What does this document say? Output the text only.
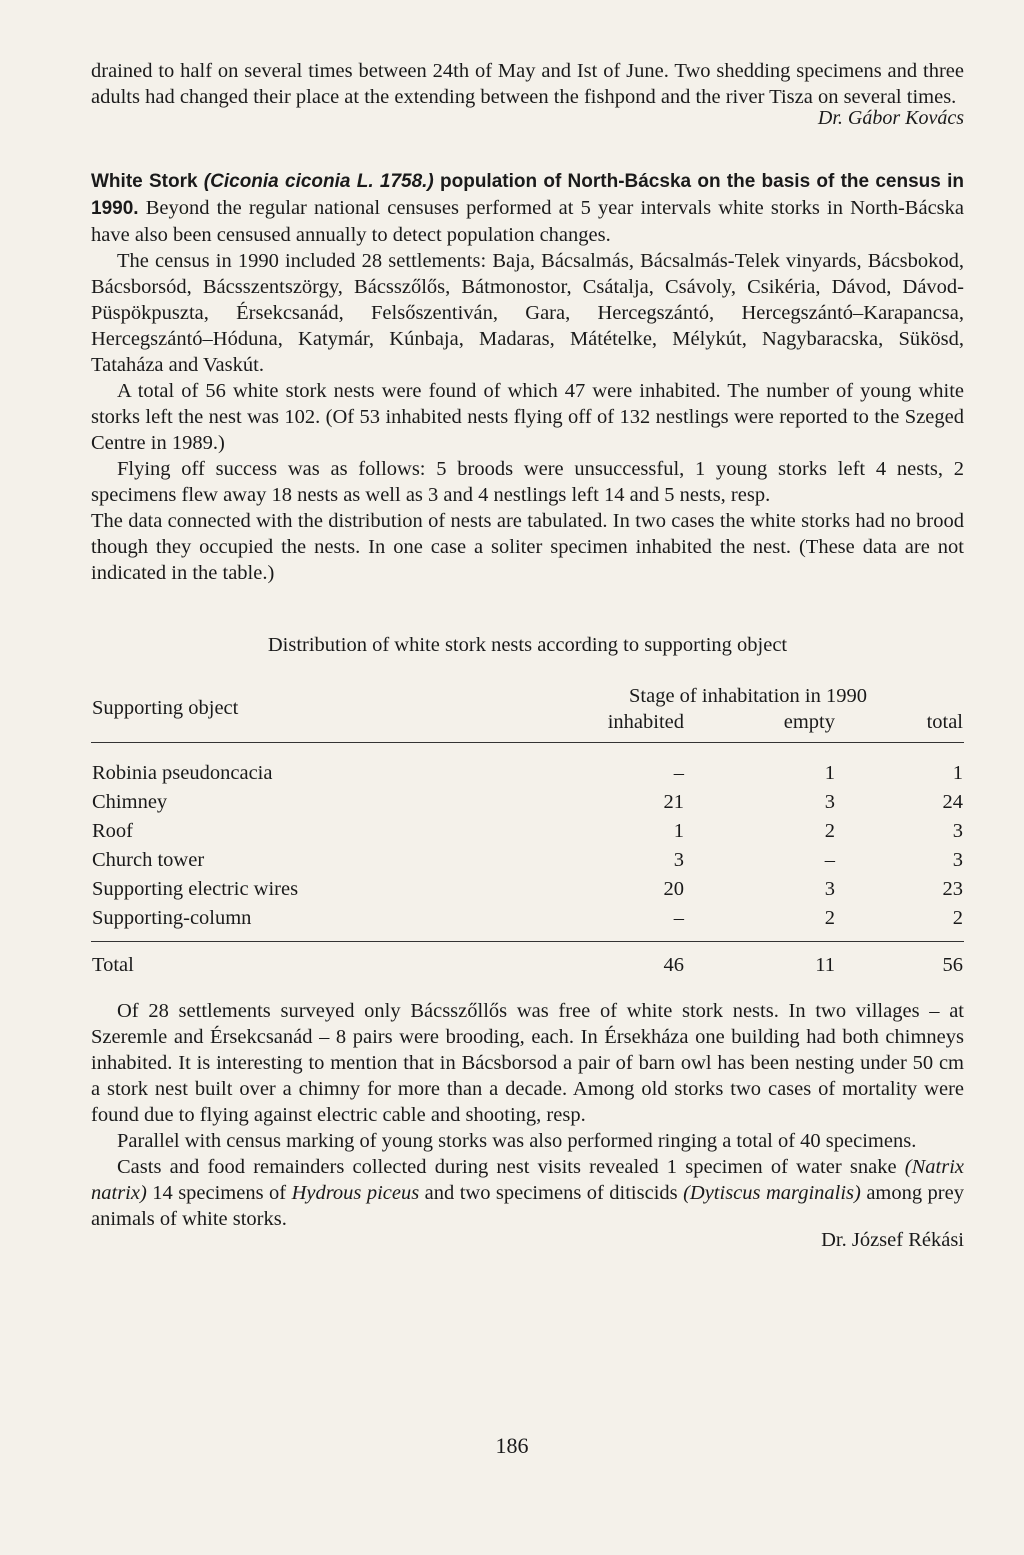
drained to half on several times between 24th of May and Ist of June. Two shedding specimens and three adults had changed their place at the extending between the fishpond and the river Tisza on several times.

Dr. Gábor Kovács

White Stork (Ciconia ciconia L. 1758.) population of North-Bácska on the basis of the census in 1990. Beyond the regular national censuses performed at 5 year intervals white storks in North-Bácska have also been censused annually to detect population changes.

The census in 1990 included 28 settlements: Baja, Bácsalmás, Bácsalmás-Telek vinyards, Bácsbokod, Bácsborsód, Bácsszentszörgy, Bácsszőlős, Bátmonostor, Csátalja, Csávoly, Csikéria, Dávod, Dávod-Püspökpuszta, Érsekcsanád, Felsőszentiván, Gara, Hercegszántó, Hercegszántó–Karapancsa, Hercegszántó–Hóduna, Katymár, Kúnbaja, Madaras, Mátételke, Mélykút, Nagybaracska, Sükösd, Tataháza and Vaskút.

A total of 56 white stork nests were found of which 47 were inhabited. The number of young white storks left the nest was 102. (Of 53 inhabited nests flying off of 132 nestlings were reported to the Szeged Centre in 1989.)

Flying off success was as follows: 5 broods were unsuccessful, 1 young storks left 4 nests, 2 specimens flew away 18 nests as well as 3 and 4 nestlings left 14 and 5 nests, resp.

The data connected with the distribution of nests are tabulated. In two cases the white storks had no brood though they occupied the nests. In one case a soliter specimen inhabited the nest. (These data are not indicated in the table.)

Distribution of white stork nests according to supporting object
Supporting object	Stage of inhabitation in 1990		
	inhabited	empty	total

Robinia pseudoncacia	–	1	1
Chimney	21	3	24
Roof	1	2	3
Church tower	3	–	3
Supporting electric wires	20	3	23
Supporting-column	–	2	2

Total	46	11	56

Of 28 settlements surveyed only Bácsszőllős was free of white stork nests. In two villages – at Szeremle and Érsekcsanád – 8 pairs were brooding, each. In Érsekháza one building had both chimneys inhabited. It is interesting to mention that in Bácsborsod a pair of barn owl has been nesting under 50 cm a stork nest built over a chimny for more than a decade. Among old storks two cases of mortality were found due to flying against electric cable and shooting, resp.

Parallel with census marking of young storks was also performed ringing a total of 40 specimens.

Casts and food remainders collected during nest visits revealed 1 specimen of water snake (Natrix natrix) 14 specimens of Hydrous piceus and two specimens of ditiscids (Dytiscus marginalis) among prey animals of white storks.

Dr. József Rékási

186
